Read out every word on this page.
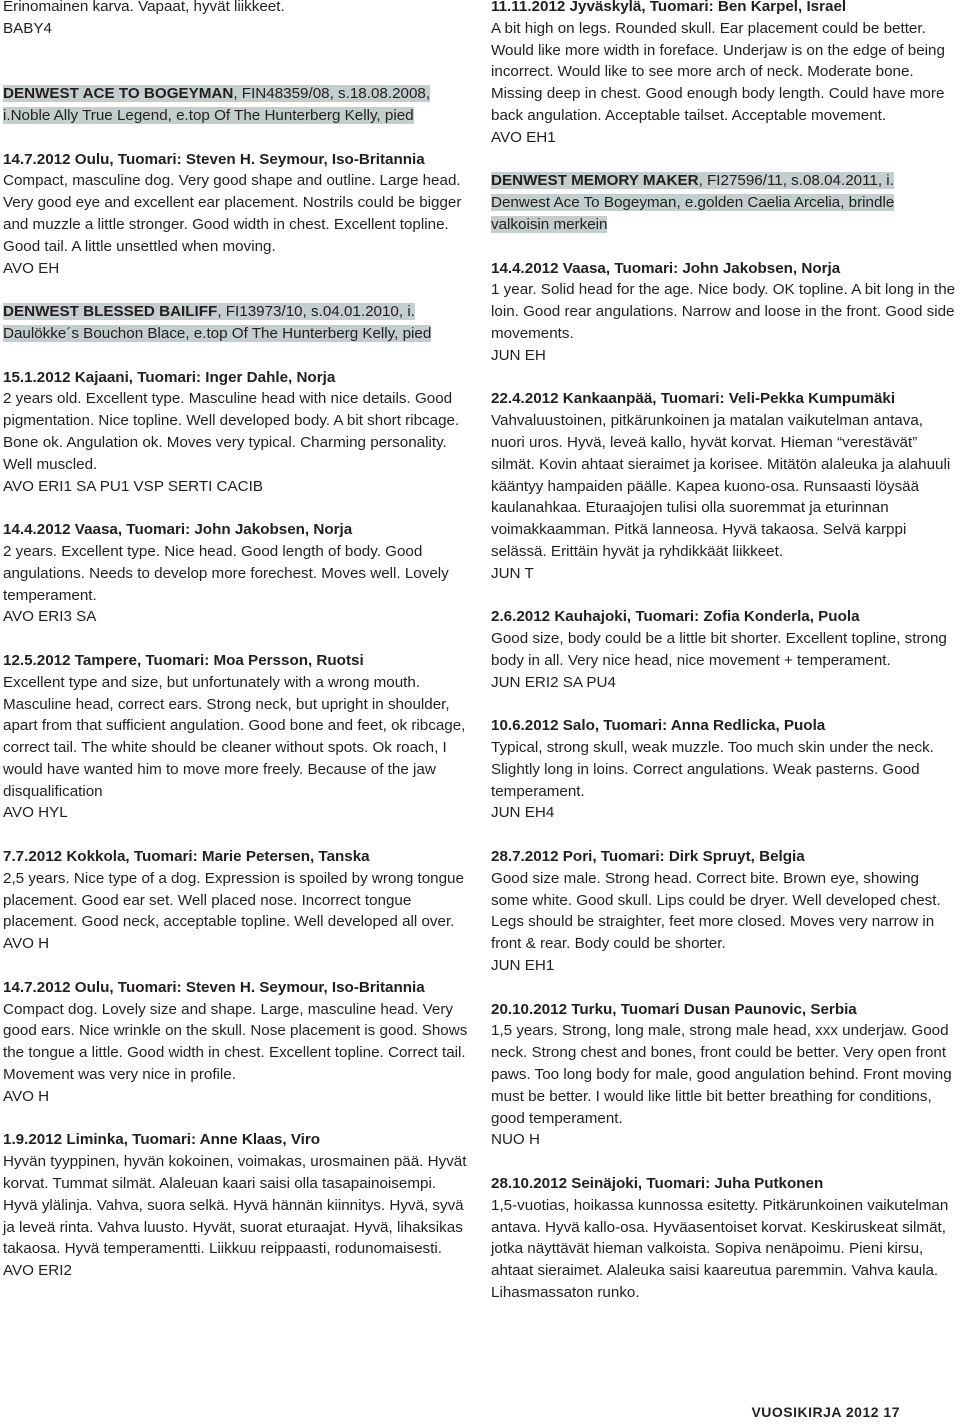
Erinomainen karva. Vapaat, hyvät liikkeet.

BABY4

DENWEST ACE TO BOGEYMAN, FIN48359/08, s.18.08.2008,
i.Noble Ally True Legend, e.top Of The Hunterberg Kelly, pied

14.7.2012 Oulu, Tuomari: Steven H. Seymour, Iso-Britannia

Compact, masculine dog. Very good shape and outline. Large head. Very good eye and excellent ear placement. Nostrils could be bigger and muzzle a little stronger. Good width in chest. Excellent topline. Good tail. A little unsettled when moving.

AVO EH

DENWEST BLESSED BAILIFF, FI13973/10, s.04.01.2010, i.
Daulökke´s Bouchon Blace, e.top Of The Hunterberg Kelly, pied

15.1.2012 Kajaani, Tuomari: Inger Dahle, Norja

2 years old. Excellent type. Masculine head with nice details. Good pigmentation. Nice topline. Well developed body. A bit short ribcage. Bone ok. Angulation ok. Moves very typical. Charming personality. Well muscled.

AVO ERI1 SA PU1 VSP SERTI CACIB

14.4.2012 Vaasa, Tuomari: John Jakobsen, Norja

2 years. Excellent type. Nice head. Good length of body. Good angulations. Needs to develop more forechest. Moves well. Lovely temperament.

AVO ERI3 SA

12.5.2012 Tampere, Tuomari: Moa Persson, Ruotsi

Excellent type and size, but unfortunately with a wrong mouth. Masculine head, correct ears. Strong neck, but upright in shoulder, apart from that sufficient angulation. Good bone and feet, ok ribcage, correct tail. The white should be cleaner without spots. Ok roach, I would have wanted him to move more freely. Because of the jaw disqualification

AVO HYL

7.7.2012 Kokkola, Tuomari: Marie Petersen, Tanska

2,5 years. Nice type of a dog. Expression is spoiled by wrong tongue placement. Good ear set. Well placed nose. Incorrect tongue placement. Good neck, acceptable topline. Well developed all over.

AVO H

14.7.2012 Oulu, Tuomari: Steven H. Seymour, Iso-Britannia

Compact dog. Lovely size and shape. Large, masculine head. Very good ears. Nice wrinkle on the skull. Nose placement is good. Shows the tongue a little. Good width in chest. Excellent topline. Correct tail. Movement was very nice in profile.

AVO H

1.9.2012 Liminka, Tuomari: Anne Klaas, Viro

Hyvän tyyppinen, hyvän kokoinen, voimakas, urosmainen pää. Hyvät korvat. Tummat silmät. Alaleuan kaari saisi olla tasapainoisempi. Hyvä ylälinja. Vahva, suora selkä. Hyvä hännän kiinnitys. Hyvä, syvä ja leveä rinta. Vahva luusto. Hyvät, suorat eturaajat. Hyvä, lihaksikas takaosa. Hyvä temperamentti. Liikkuu reippaasti, rodunomaisesti.

AVO ERI2

11.11.2012 Jyväskylä, Tuomari: Ben Karpel, Israel

A bit high on legs. Rounded skull. Ear placement could be better. Would like more width in foreface. Underjaw is on the edge of being incorrect. Would like to see more arch of neck. Moderate bone. Missing deep in chest. Good enough body length. Could have more back angulation. Acceptable tailset. Acceptable movement.

AVO EH1

DENWEST MEMORY MAKER, FI27596/11, s.08.04.2011, i.
Denwest Ace To Bogeyman, e.golden Caelia Arcelia, brindle
valkoisin merkein

14.4.2012 Vaasa, Tuomari: John Jakobsen, Norja

1 year. Solid head for the age. Nice body. OK topline. A bit long in the loin. Good rear angulations. Narrow and loose in the front. Good side movements.

JUN EH

22.4.2012 Kankaanpää, Tuomari: Veli-Pekka Kumpumäki

Vahvaluustoinen, pitkärunkoinen ja matalan vaikutelman antava, nuori uros. Hyvä, leveä kallo, hyvät korvat. Hieman “verestävät” silmät. Kovin ahtaat sieraimet ja korisee. Mitätön alaleuka ja alahuuli kääntyy hampaiden päälle. Kapea kuono-osa. Runsaasti löysää kaulanahkaa. Eturaajojen tulisi olla suoremmat ja eturinnan voimakkaamman. Pitkä lanneosa. Hyvä takaosa. Selvä karppi selässä. Erittäin hyvät ja ryhdikkäät liikkeet.

JUN T

2.6.2012 Kauhajoki, Tuomari: Zofia Konderla, Puola

Good size, body could be a little bit shorter. Excellent topline, strong body in all. Very nice head, nice movement + temperament.

JUN ERI2 SA PU4

10.6.2012 Salo, Tuomari: Anna Redlicka, Puola

Typical, strong skull, weak muzzle. Too much skin under the neck. Slightly long in loins. Correct angulations. Weak pasterns. Good temperament.

JUN EH4

28.7.2012 Pori, Tuomari: Dirk Spruyt, Belgia

Good size male. Strong head. Correct bite. Brown eye, showing some white. Good skull. Lips could be dryer. Well developed chest. Legs should be straighter, feet more closed. Moves very narrow in front & rear. Body could be shorter.

JUN EH1

20.10.2012 Turku, Tuomari Dusan Paunovic, Serbia

1,5 years. Strong, long male, strong male head, xxx underjaw. Good neck. Strong chest and bones, front could be better. Very open front paws. Too long body for male, good angulation behind. Front moving must be better. I would like little bit better breathing for conditions, good temperament.

NUO H

28.10.2012 Seinäjoki, Tuomari: Juha Putkonen

1,5-vuotias, hoikassa kunnossa esitetty. Pitkärunkoinen vaikutelman antava. Hyvä kallo-osa. Hyväasentoiset korvat. Keskiruskeat silmät, jotka näyttävät hieman valkoista. Sopiva nenäpoimu. Pieni kirsu, ahtaat sieraimet. Alaleuka saisi kaareutua paremmin. Vahva kaula. Lihasmassaton runko.

VUOSIKIRJA 2012 17
